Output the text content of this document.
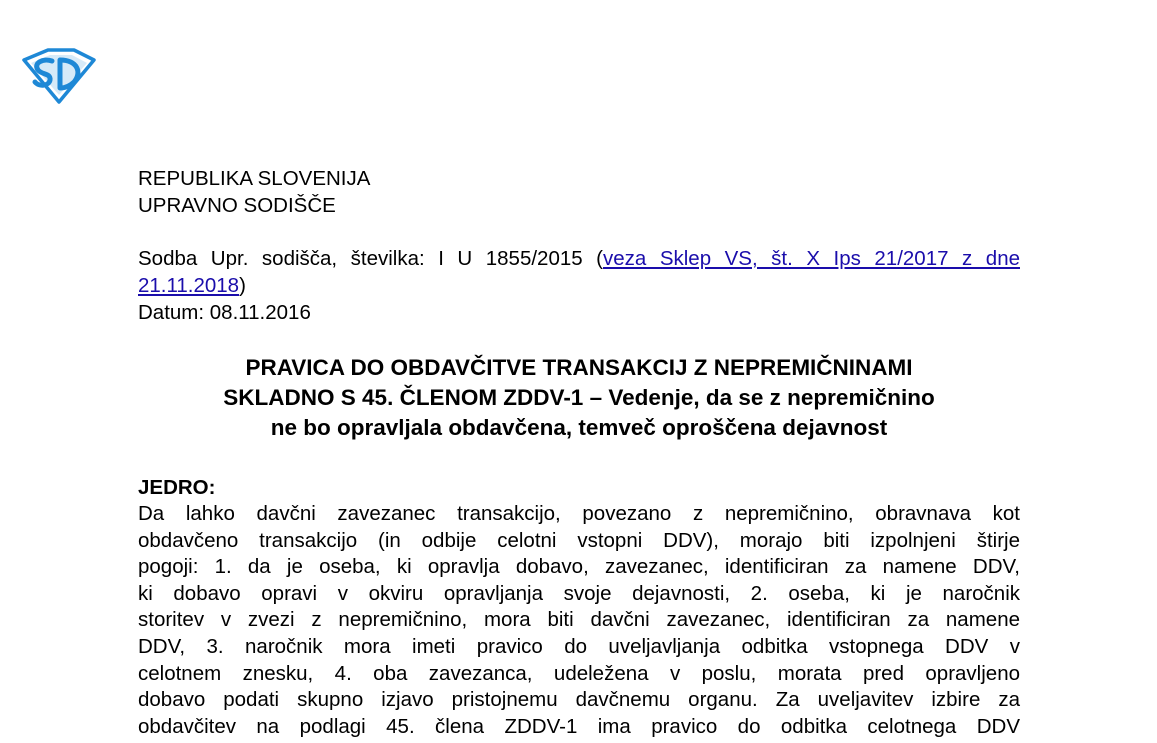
REPUBLIKA SLOVENIJA
UPRAVNO SODIŠČE
Sodba Upr. sodišča, številka: I U 1855/2015 (veza Sklep VS, št. X Ips 21/2017 z dne
21.11.2018)
Datum: 08.11.2016
PRAVICA DO OBDAVČITVE TRANSAKCIJ Z NEPREMIČNINAMI
SKLADNO S 45. ČLENOM ZDDV-1 – Vedenje, da se z nepremičnino
ne bo opravljala obdavčena, temveč oproščena dejavnost
JEDRO:
Da lahko davčni zavezanec transakcijo, povezano z nepremičnino, obravnava kot
obdavčeno transakcijo (in odbije celotni vstopni DDV), morajo biti izpolnjeni štirje
pogoji: 1. da je oseba, ki opravlja dobavo, zavezanec, identificiran za namene DDV,
ki dobavo opravi v okviru opravljanja svoje dejavnosti, 2. oseba, ki je naročnik
storitev v zvezi z nepremičnino, mora biti davčni zavezanec, identificiran za namene
DDV, 3. naročnik mora imeti pravico do uveljavljanja odbitka vstopnega DDV v
celotnem znesku, 4. oba zavezanca, udeležena v poslu, morata pred opravljeno
dobavo podati skupno izjavo pristojnemu davčnemu organu. Za uveljavitev izbire za
obdavčitev na podlagi 45. člena ZDDV-1 ima pravico do odbitka celotnega DDV
